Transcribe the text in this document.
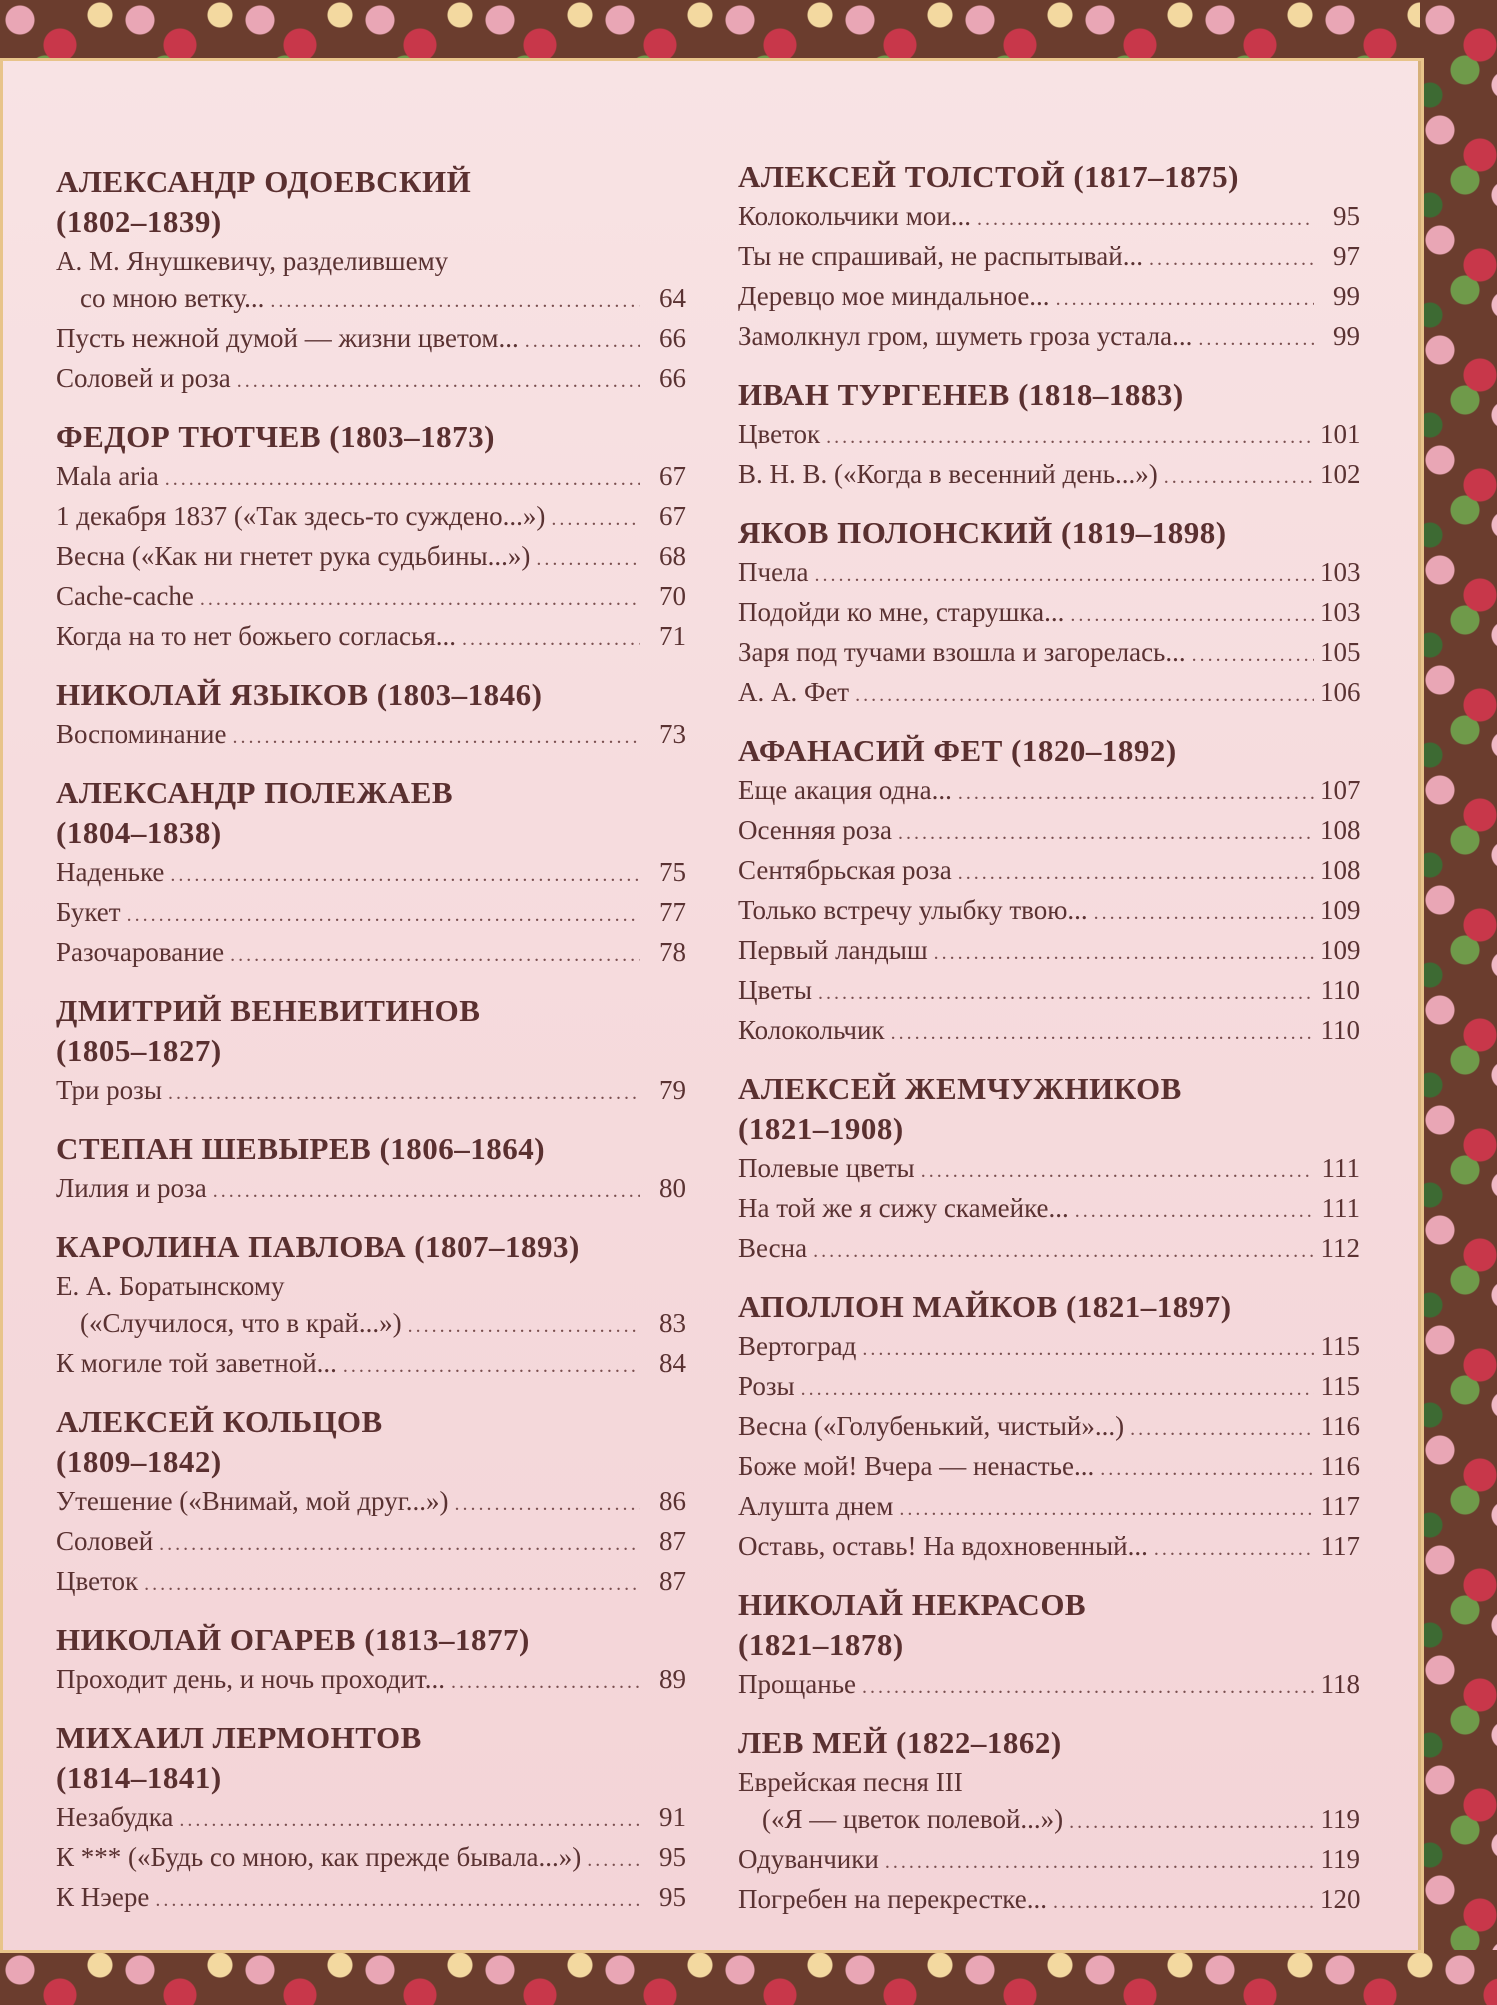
АЛЕКСАНДР ОДОЕВСКИЙ
(1802–1839)
А. М. Янушкевичу, разделившему
со мною ветку... . . .	64
Пусть нежной думой — жизни цветом... . . .	66
Соловей и роза . . .	66
ФЕДОР ТЮТЧЕВ (1803–1873)
Mala aria . . .	67
1 декабря 1837 («Так здесь-то суждено...») . . .	67
Весна («Как ни гнетет рука судьбины...») . . .	68
Cache-cache . . .	70
Когда на то нет божьего согласья... . . .	71
НИКОЛАЙ ЯЗЫКОВ (1803–1846)
Воспоминание . . .	73
АЛЕКСАНДР ПОЛЕЖАЕВ
(1804–1838)
Наденьке . . .	75
Букет . . .	77
Разочарование . . .	78
ДМИТРИЙ ВЕНЕВИТИНОВ
(1805–1827)
Три розы . . .	79
СТЕПАН ШЕВЫРЕВ (1806–1864)
Лилия и роза . . .	80
КАРОЛИНА ПАВЛОВА (1807–1893)
Е. А. Боратынскому
(«Случилося, что в край...») . . .	83
К могиле той заветной... . . .	84
АЛЕКСЕЙ КОЛЬЦОВ
(1809–1842)
Утешение («Внимай, мой друг...») . . .	86
Соловей . . .	87
Цветок . . .	87
НИКОЛАЙ ОГАРЕВ (1813–1877)
Проходит день, и ночь проходит... . . .	89
МИХАИЛ ЛЕРМОНТОВ
(1814–1841)
Незабудка . . .	91
К *** («Будь со мною, как прежде бывала...») . . .	95
К Нэере . . .	95
АЛЕКСЕЙ ТОЛСТОЙ (1817–1875)
Колокольчики мои... . . .	95
Ты не спрашивай, не распытывай... . . .	97
Деревцо мое миндальное... . . .	99
Замолкнул гром, шуметь гроза устала... . . .	99
ИВАН ТУРГЕНЕВ (1818–1883)
Цветок . . .	101
В. Н. В. («Когда в весенний день...») . . .	102
ЯКОВ ПОЛОНСКИЙ (1819–1898)
Пчела . . .	103
Подойди ко мне, старушка... . . .	103
Заря под тучами взошла и загорелась... . . .	105
А. А. Фет . . .	106
АФАНАСИЙ ФЕТ (1820–1892)
Еще акация одна... . . .	107
Осенняя роза . . .	108
Сентябрьская роза . . .	108
Только встречу улыбку твою... . . .	109
Первый ландыш . . .	109
Цветы . . .	110
Колокольчик . . .	110
АЛЕКСЕЙ ЖЕМЧУЖНИКОВ
(1821–1908)
Полевые цветы . . .	111
На той же я сижу скамейке... . . .	111
Весна . . .	112
АПОЛЛОН МАЙКОВ (1821–1897)
Вертоград . . .	115
Розы . . .	115
Весна («Голубенький, чистый»...) . . .	116
Боже мой! Вчера — ненастье... . . .	116
Алушта днем . . .	117
Оставь, оставь! На вдохновенный... . . .	117
НИКОЛАЙ НЕКРАСОВ
(1821–1878)
Прощанье . . .	118
ЛЕВ МЕЙ (1822–1862)
Еврейская песня III
(«Я — цветок полевой...») . . .	119
Одуванчики . . .	119
Погребен на перекрестке... . . .	120
